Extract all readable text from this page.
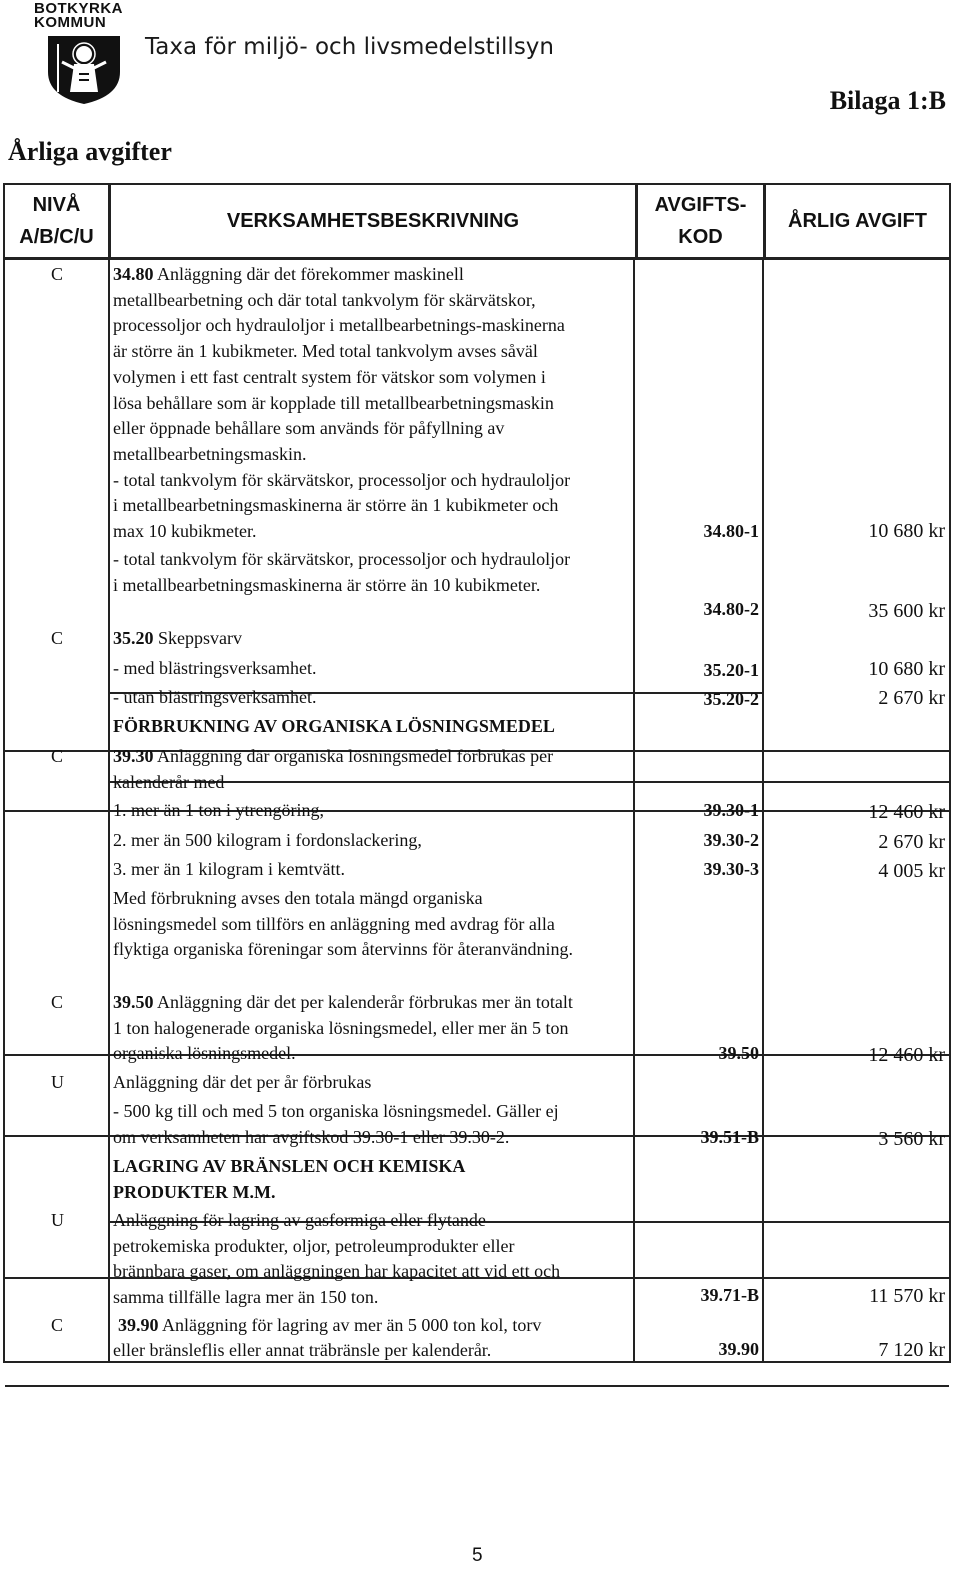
BOTKYRKA
KOMMUN
Taxa för miljö- och livsmedelstillsyn
Bilaga 1:B
Årliga avgifter
NIVÅ
A/B/C/U
VERKSAMHETSBESKRIVNING
AVGIFTS-
KOD
ÅRLIG AVGIFT
C	34.80 Anläggning där det förekommer maskinell
metallbearbetning och där total tankvolym för skärvätskor,
processoljor och hydrauloljor i metallbearbetnings-maskinerna
är större än 1 kubikmeter. Med total tankvolym avses såväl
volymen i ett fast centralt system för vätskor som volymen i
lösa behållare som är kopplade till metallbearbetningsmaskin
eller öppnade behållare som används för påfyllning av
metallbearbetningsmaskin.
- total tankvolym för skärvätskor, processoljor och hydrauloljor
i metallbearbetningsmaskinerna är större än 1 kubikmeter och
max 10 kubikmeter.	34.80-1	10 680 kr
- total tankvolym för skärvätskor, processoljor och hydrauloljor
i metallbearbetningsmaskinerna är större än 10 kubikmeter.
34.80-2	35 600 kr
C	35.20 Skeppsvarv
- med blästringsverksamhet.	35.20-1	10 680 kr
- utan blästringsverksamhet.	35.20-2	2 670 kr
FÖRBRUKNING AV ORGANISKA LÖSNINGSMEDEL
C	39.30 Anläggning där organiska lösningsmedel förbrukas per
kalenderår med
1. mer än 1 ton i ytrengöring,	39.30-1	12 460 kr
2. mer än 500 kilogram i fordonslackering,	39.30-2	2 670 kr
3. mer än 1 kilogram i kemtvätt.	39.30-3	4 005 kr
Med förbrukning avses den totala mängd organiska
lösningsmedel som tillförs en anläggning med avdrag för alla
flyktiga organiska föreningar som återvinns för återanvändning.
C	39.50 Anläggning där det per kalenderår förbrukas mer än totalt
1 ton halogenerade organiska lösningsmedel, eller mer än 5 ton
organiska lösningsmedel.	39.50	12 460 kr
U	Anläggning där det per år förbrukas
- 500 kg till och med 5 ton organiska lösningsmedel. Gäller ej
om verksamheten har avgiftskod 39.30-1 eller 39.30-2.	39.51-B	3 560 kr
LAGRING AV BRÄNSLEN OCH KEMISKA
PRODUKTER M.M.
U	Anläggning för lagring av gasformiga eller flytande
petrokemiska produkter, oljor, petroleumprodukter eller
brännbara gaser, om anläggningen har kapacitet att vid ett och
samma tillfälle lagra mer än 150 ton.	39.71-B	11 570 kr
C	39.90 Anläggning för lagring av mer än 5 000 ton kol, torv
eller bränsleflis eller annat träbränsle per kalenderår.	39.90	7 120 kr
5
